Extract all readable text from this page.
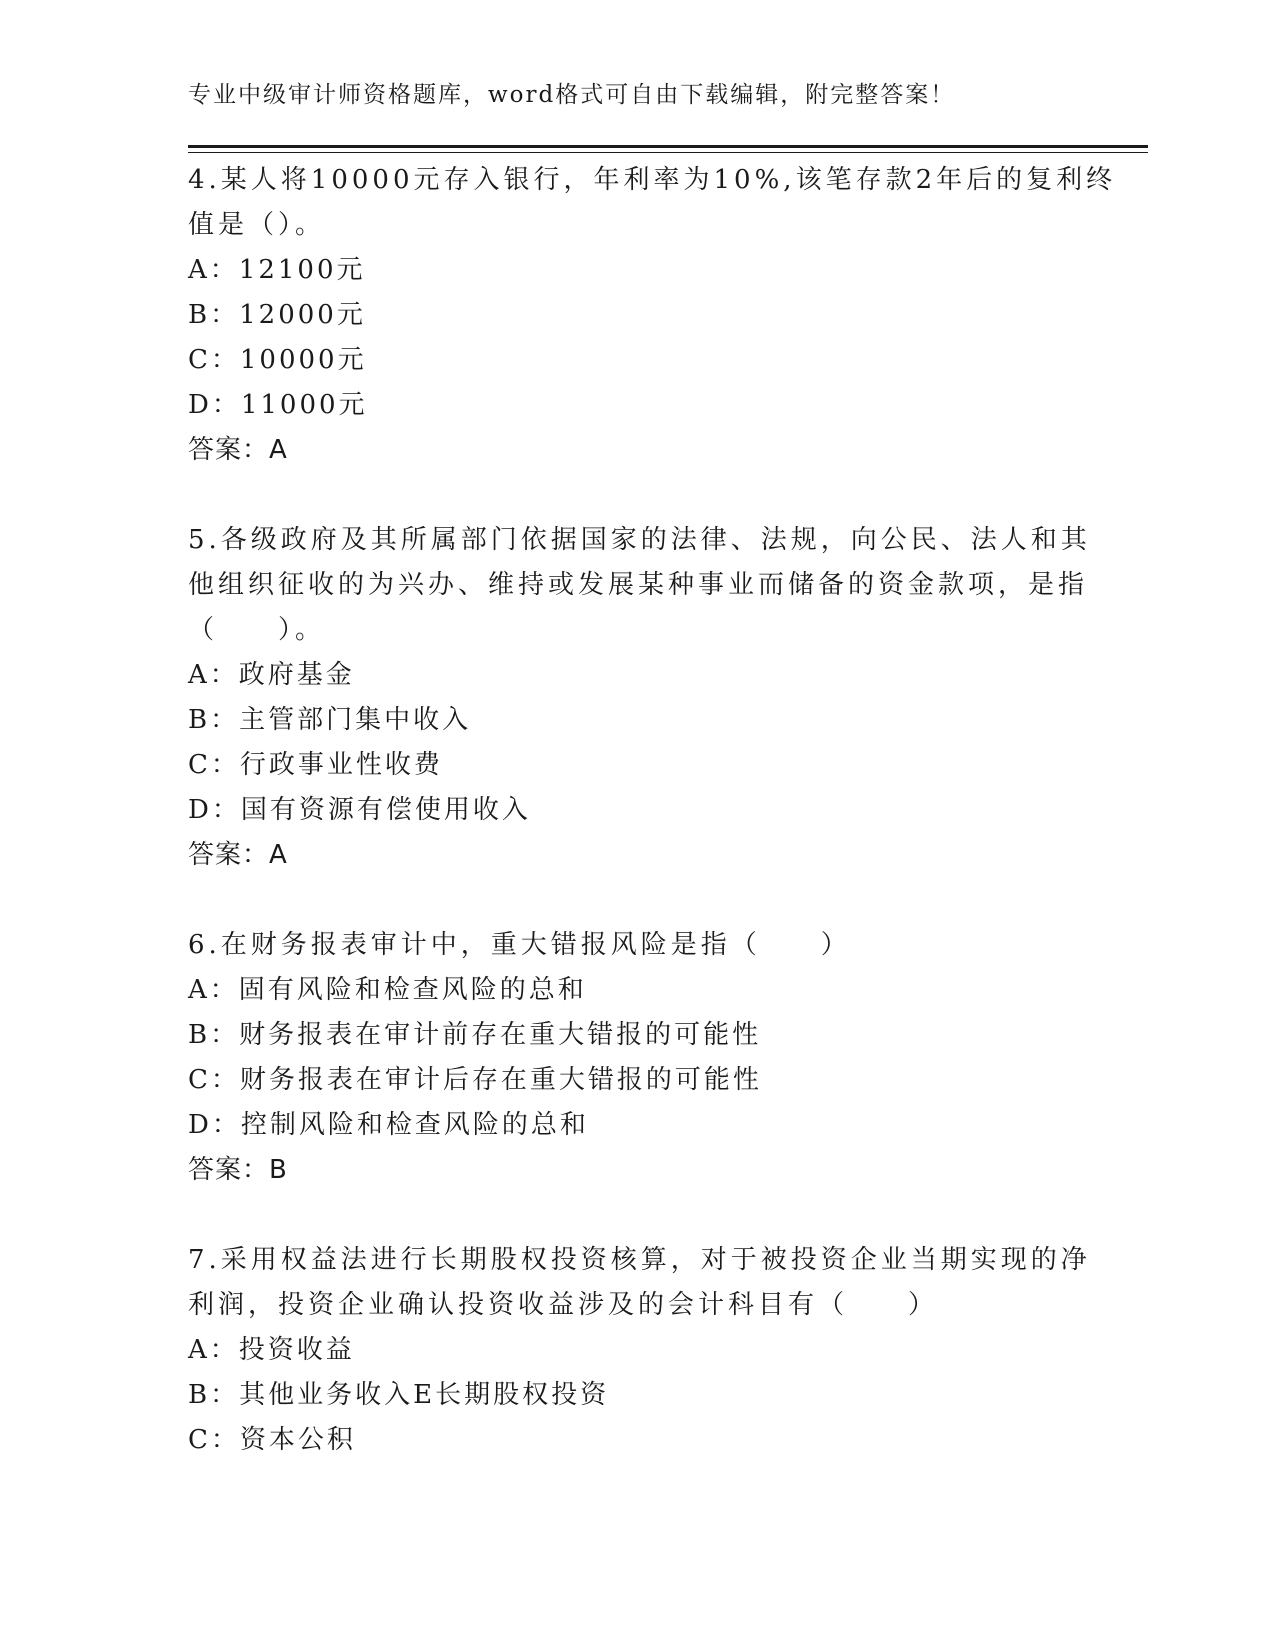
专业中级审计师资格题库，word格式可自由下载编辑，附完整答案！
4.某人将10000元存入银行，年利率为10%,该笔存款2年后的复利终
值是（）。
A：12100元
B：12000元
C：10000元
D：11000元
答案：A
5.各级政府及其所属部门依据国家的法律、法规，向公民、法人和其
他组织征收的为兴办、维持或发展某种事业而储备的资金款项，是指
（　　）。
A：政府基金
B：主管部门集中收入
C：行政事业性收费
D：国有资源有偿使用收入
答案：A
6.在财务报表审计中，重大错报风险是指（　　）
A：固有风险和检查风险的总和
B：财务报表在审计前存在重大错报的可能性
C：财务报表在审计后存在重大错报的可能性
D：控制风险和检查风险的总和
答案：B
7.采用权益法进行长期股权投资核算，对于被投资企业当期实现的净
利润，投资企业确认投资收益涉及的会计科目有（　　）
A：投资收益
B：其他业务收入E长期股权投资
C：资本公积
